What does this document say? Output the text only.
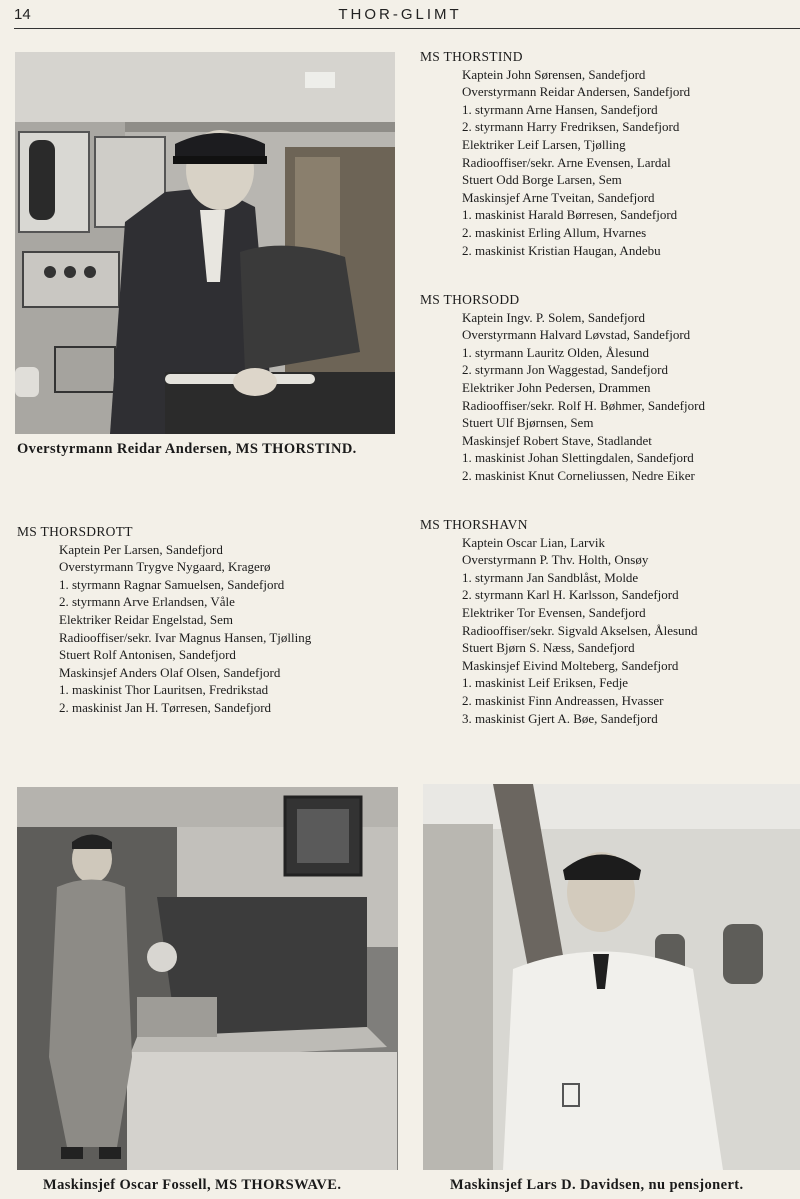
14	THOR-GLIMT
Overstyrmann Reidar Andersen, MS THORSTIND.
MS THORSDROTT
Kaptein Per Larsen, Sandefjord
Overstyrmann Trygve Nygaard, Kragerø
1. styrmann Ragnar Samuelsen, Sandefjord
2. styrmann Arve Erlandsen, Våle
Elektriker Reidar Engelstad, Sem
Radiooffiser/sekr. Ivar Magnus Hansen, Tjølling
Stuert Rolf Antonisen, Sandefjord
Maskinsjef Anders Olaf Olsen, Sandefjord
1. maskinist Thor Lauritsen, Fredrikstad
2. maskinist Jan H. Tørresen, Sandefjord
MS THORSTIND
Kaptein John Sørensen, Sandefjord
Overstyrmann Reidar Andersen, Sandefjord
1. styrmann Arne Hansen, Sandefjord
2. styrmann Harry Fredriksen, Sandefjord
Elektriker Leif Larsen, Tjølling
Radiooffiser/sekr. Arne Evensen, Lardal
Stuert Odd Borge Larsen, Sem
Maskinsjef Arne Tveitan, Sandefjord
1. maskinist Harald Børresen, Sandefjord
2. maskinist Erling Allum, Hvarnes
2. maskinist Kristian Haugan, Andebu
MS THORSODD
Kaptein Ingv. P. Solem, Sandefjord
Overstyrmann Halvard Løvstad, Sandefjord
1. styrmann Lauritz Olden, Ålesund
2. styrmann Jon Waggestad, Sandefjord
Elektriker John Pedersen, Drammen
Radiooffiser/sekr. Rolf H. Bøhmer, Sandefjord
Stuert Ulf Bjørnsen, Sem
Maskinsjef Robert Stave, Stadlandet
1. maskinist Johan Slettingdalen, Sandefjord
2. maskinist Knut Corneliussen, Nedre Eiker
MS THORSHAVN
Kaptein Oscar Lian, Larvik
Overstyrmann P. Thv. Holth, Onsøy
1. styrmann Jan Sandblåst, Molde
2. styrmann Karl H. Karlsson, Sandefjord
Elektriker Tor Evensen, Sandefjord
Radiooffiser/sekr. Sigvald Akselsen, Ålesund
Stuert Bjørn S. Næss, Sandefjord
Maskinsjef Eivind Molteberg, Sandefjord
1. maskinist Leif Eriksen, Fedje
2. maskinist Finn Andreassen, Hvasser
3. maskinist Gjert A. Bøe, Sandefjord
Maskinsjef Oscar Fossell, MS THORSWAVE.	Maskinsjef Lars D. Davidsen, nu pensjonert.
